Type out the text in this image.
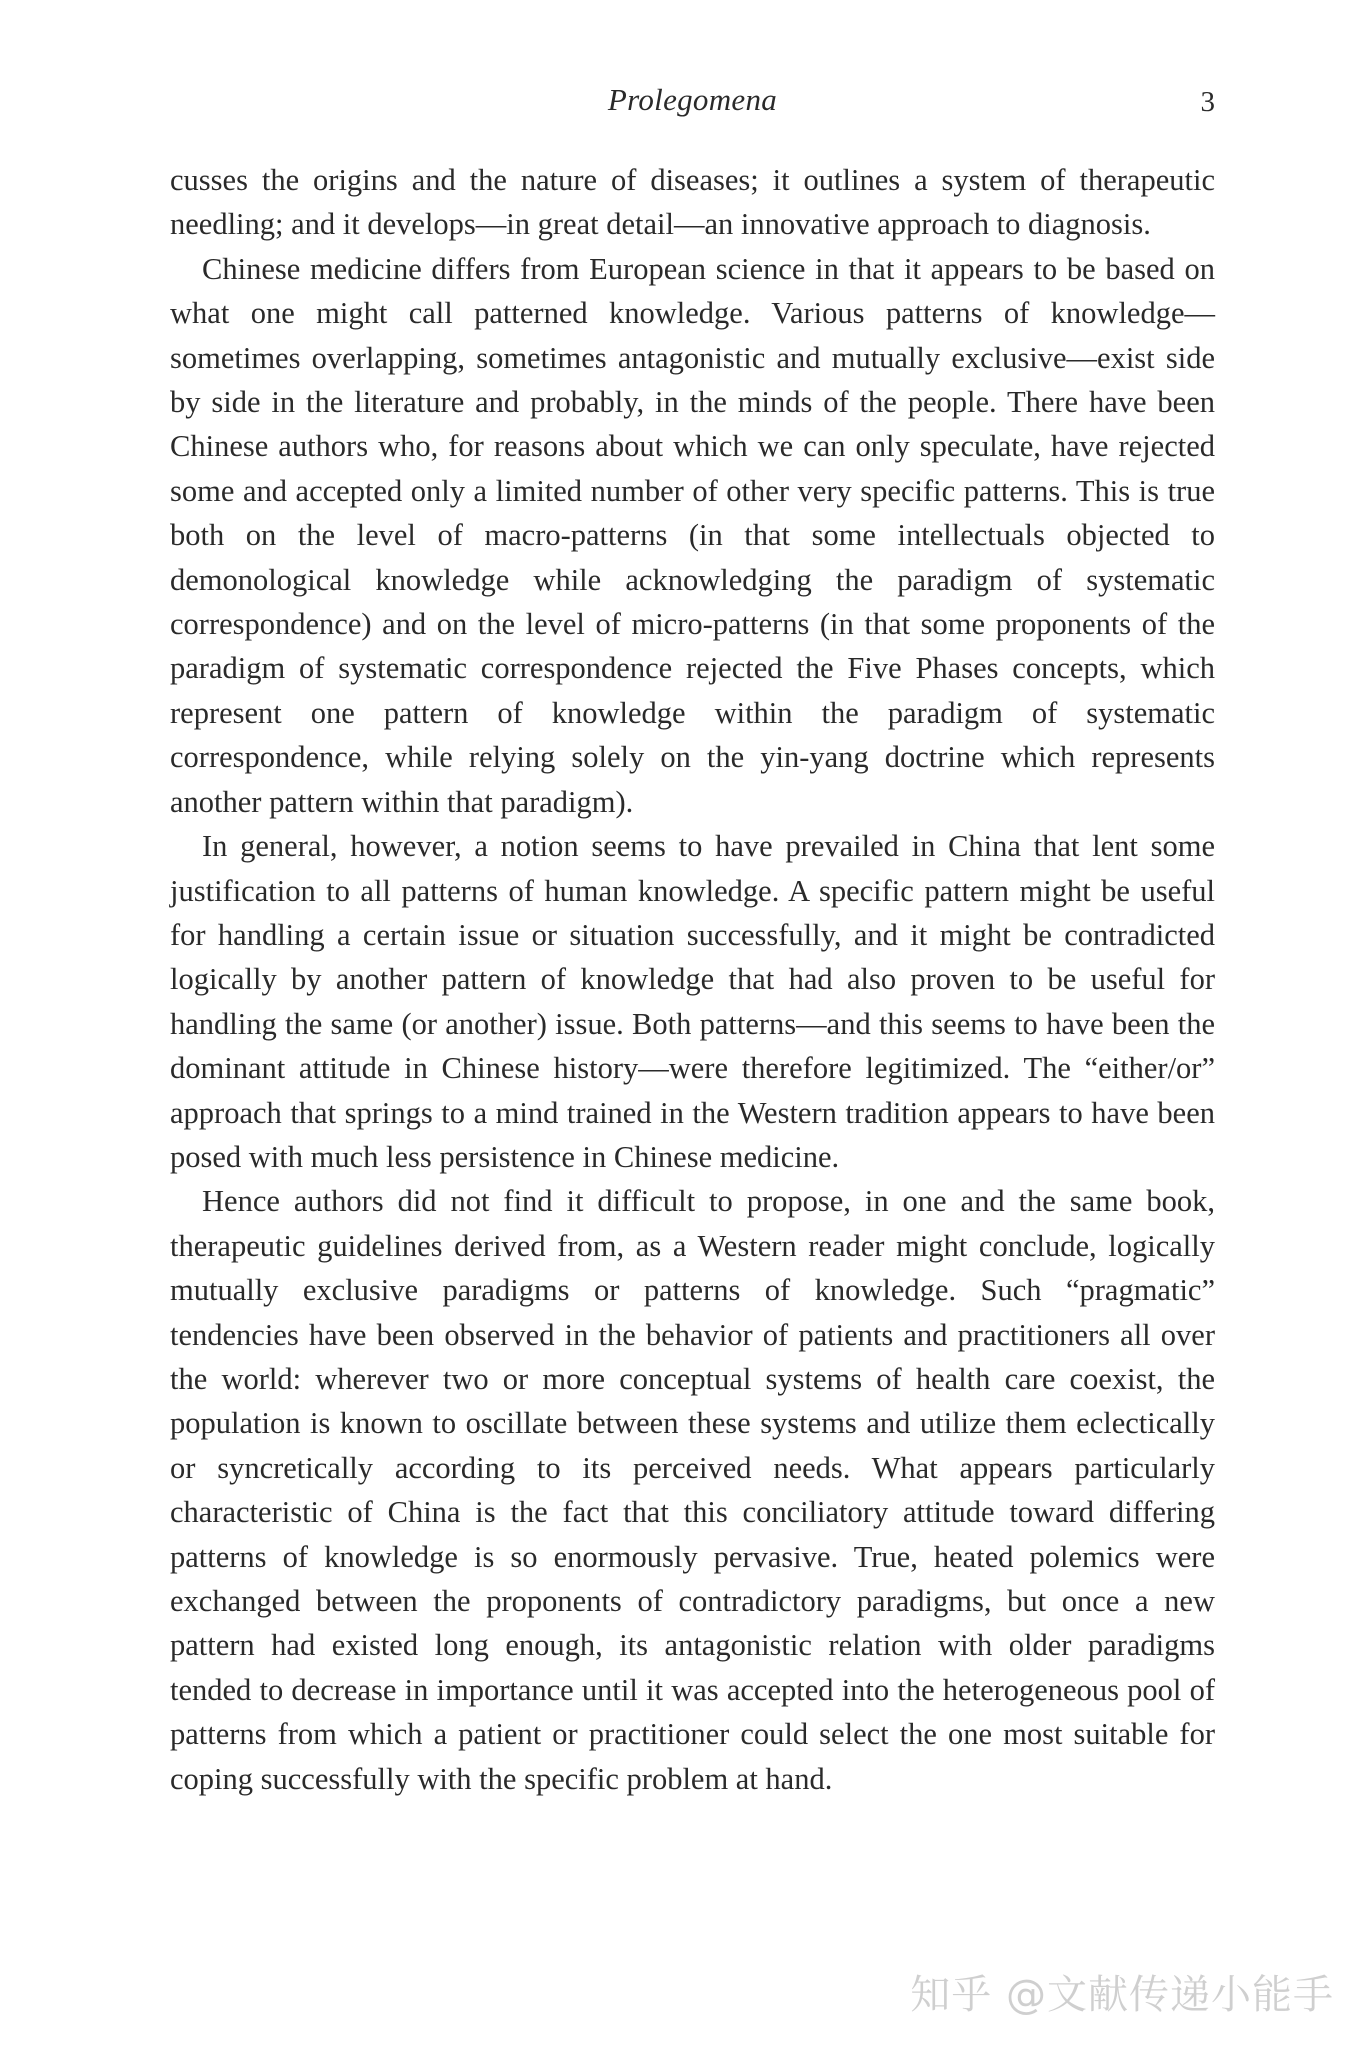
Prolegomena	3

cusses the origins and the nature of diseases; it outlines a system of therapeutic needling; and it develops—in great detail—an innovative approach to diagnosis.

Chinese medicine differs from European science in that it appears to be based on what one might call patterned knowledge. Various patterns of knowledge—sometimes overlapping, sometimes antagonistic and mutually exclusive—exist side by side in the literature and probably, in the minds of the people. There have been Chinese authors who, for reasons about which we can only speculate, have rejected some and accepted only a limited number of other very specific patterns. This is true both on the level of macro-patterns (in that some intellectuals objected to demonological knowledge while acknowledging the paradigm of systematic correspondence) and on the level of micro-patterns (in that some proponents of the paradigm of systematic correspondence rejected the Five Phases concepts, which represent one pattern of knowledge within the paradigm of systematic correspondence, while relying solely on the yin-yang doctrine which represents another pattern within that paradigm).

In general, however, a notion seems to have prevailed in China that lent some justification to all patterns of human knowledge. A specific pattern might be useful for handling a certain issue or situation successfully, and it might be contradicted logically by another pattern of knowledge that had also proven to be useful for handling the same (or another) issue. Both patterns—and this seems to have been the dominant attitude in Chinese history—were therefore legitimized. The “either/or” approach that springs to a mind trained in the Western tradition appears to have been posed with much less persistence in Chinese medicine.

Hence authors did not find it difficult to propose, in one and the same book, therapeutic guidelines derived from, as a Western reader might conclude, logically mutually exclusive paradigms or patterns of knowledge. Such “pragmatic” tendencies have been observed in the behavior of patients and practitioners all over the world: wherever two or more conceptual systems of health care coexist, the population is known to oscillate between these systems and utilize them eclectically or syncretically according to its perceived needs. What appears particularly characteristic of China is the fact that this conciliatory attitude toward differing patterns of knowledge is so enormously pervasive. True, heated polemics were exchanged between the proponents of contradictory paradigms, but once a new pattern had existed long enough, its antagonistic relation with older paradigms tended to decrease in importance until it was accepted into the heterogeneous pool of patterns from which a patient or practitioner could select the one most suitable for coping successfully with the specific problem at hand.

知乎 @文献传递小能手
